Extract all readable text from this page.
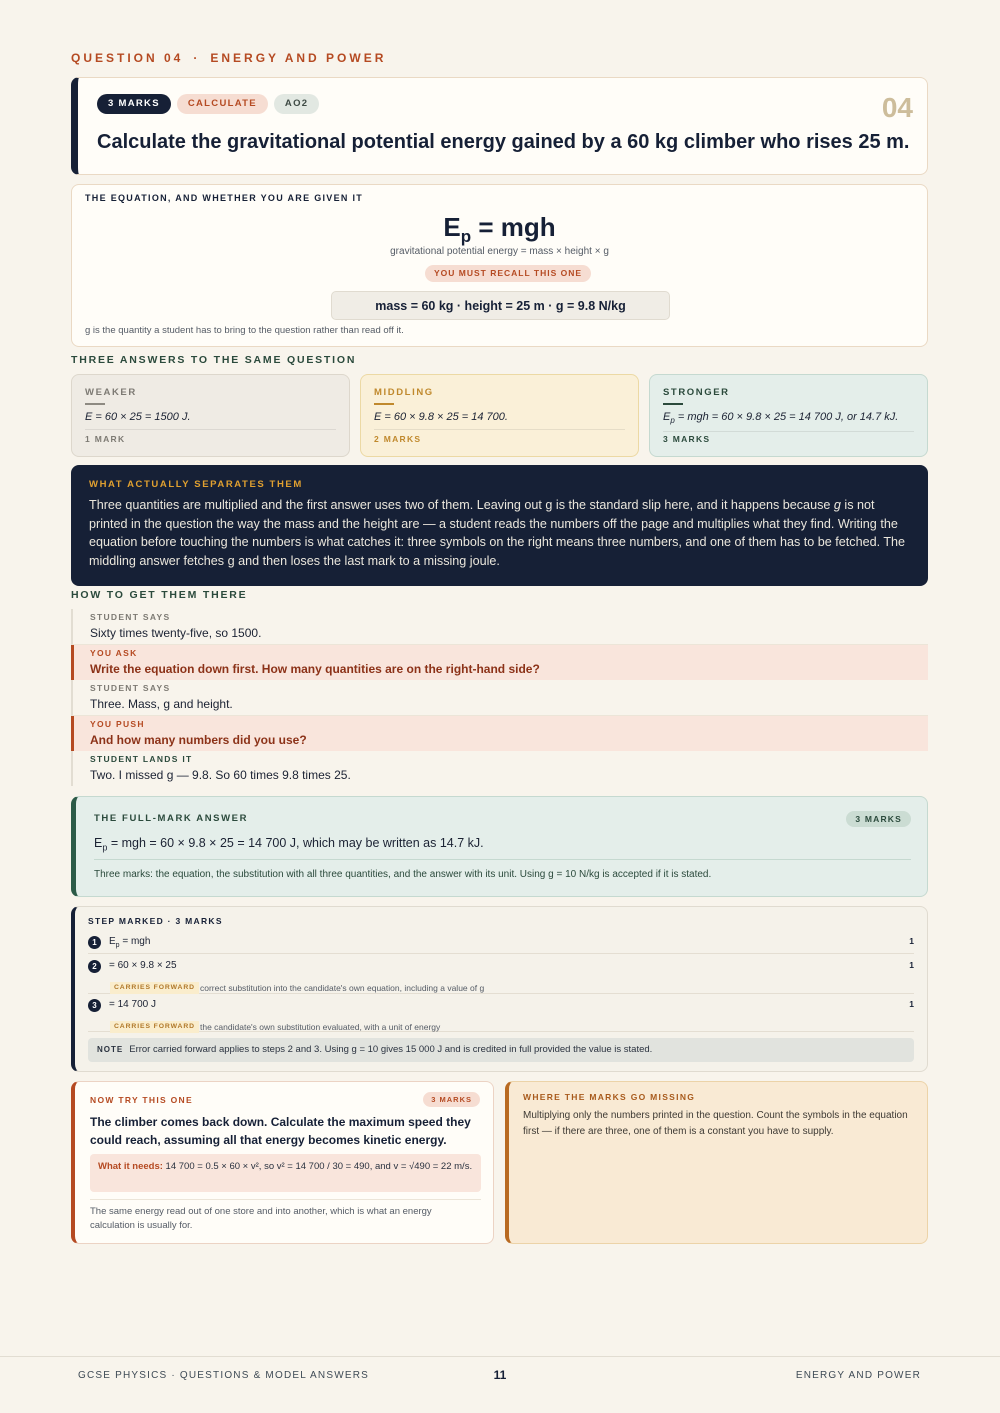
QUESTION 04 · ENERGY AND POWER
3 MARKS	CALCULATE	AO2	04
Calculate the gravitational potential energy gained by a 60 kg climber who rises 25 m.
THE EQUATION, AND WHETHER YOU ARE GIVEN IT
$E_p$ = mgh
gravitational potential energy = mass × height × g
YOU MUST RECALL THIS ONE
mass = 60 kg · height = 25 m · g = 9.8 N/kg
g is the quantity a student has to bring to the question rather than read off it.
THREE ANSWERS TO THE SAME QUESTION
WEAKER
E = 60 × 25 = 1500 J.
1 MARK
MIDDLING
E = 60 × 9.8 × 25 = 14 700.
2 MARKS
STRONGER
$E_p$ = mgh = 60 × 9.8 × 25 = 14 700 J, or 14.7 kJ.
3 MARKS
WHAT ACTUALLY SEPARATES THEM
Three quantities are multiplied and the first answer uses two of them. Leaving out g is the standard slip here, and it happens because g is not printed in the question the way the mass and the height are — a student reads the numbers off the page and multiplies what they find. Writing the equation before touching the numbers is what catches it: three symbols on the right means three numbers, and one of them has to be fetched. The middling answer fetches g and then loses the last mark to a missing joule.
HOW TO GET THEM THERE
STUDENT SAYS
Sixty times twenty-five, so 1500.
YOU ASK
Write the equation down first. How many quantities are on the right-hand side?
STUDENT SAYS
Three. Mass, g and height.
YOU PUSH
And how many numbers did you use?
STUDENT LANDS IT
Two. I missed g — 9.8. So 60 times 9.8 times 25.
THE FULL-MARK ANSWER	3 MARKS
$E_p$ = mgh = 60 × 9.8 × 25 = 14 700 J, which may be written as 14.7 kJ.
Three marks: the equation, the substitution with all three quantities, and the answer with its unit. Using g = 10 N/kg is accepted if it is stated.
STEP MARKED · 3 MARKS
1	$E_p$ = mgh	1
2	= 60 × 9.8 × 25	1
CARRIES FORWARD correct substitution into the candidate's own equation, including a value of g
3	= 14 700 J	1
CARRIES FORWARD the candidate's own substitution evaluated, with a unit of energy
NOTE Error carried forward applies to steps 2 and 3. Using g = 10 gives 15 000 J and is credited in full provided the value is stated.
NOW TRY THIS ONE	3 MARKS
The climber comes back down. Calculate the maximum speed they could reach, assuming all that energy becomes kinetic energy.
What it needs: 14 700 = 0.5 × 60 × v², so v² = 14 700 / 30 = 490, and v = √490 = 22 m/s.
The same energy read out of one store and into another, which is what an energy calculation is usually for.
WHERE THE MARKS GO MISSING
Multiplying only the numbers printed in the question. Count the symbols in the equation first — if there are three, one of them is a constant you have to supply.
GCSE PHYSICS · QUESTIONS & MODEL ANSWERS	11	ENERGY AND POWER
